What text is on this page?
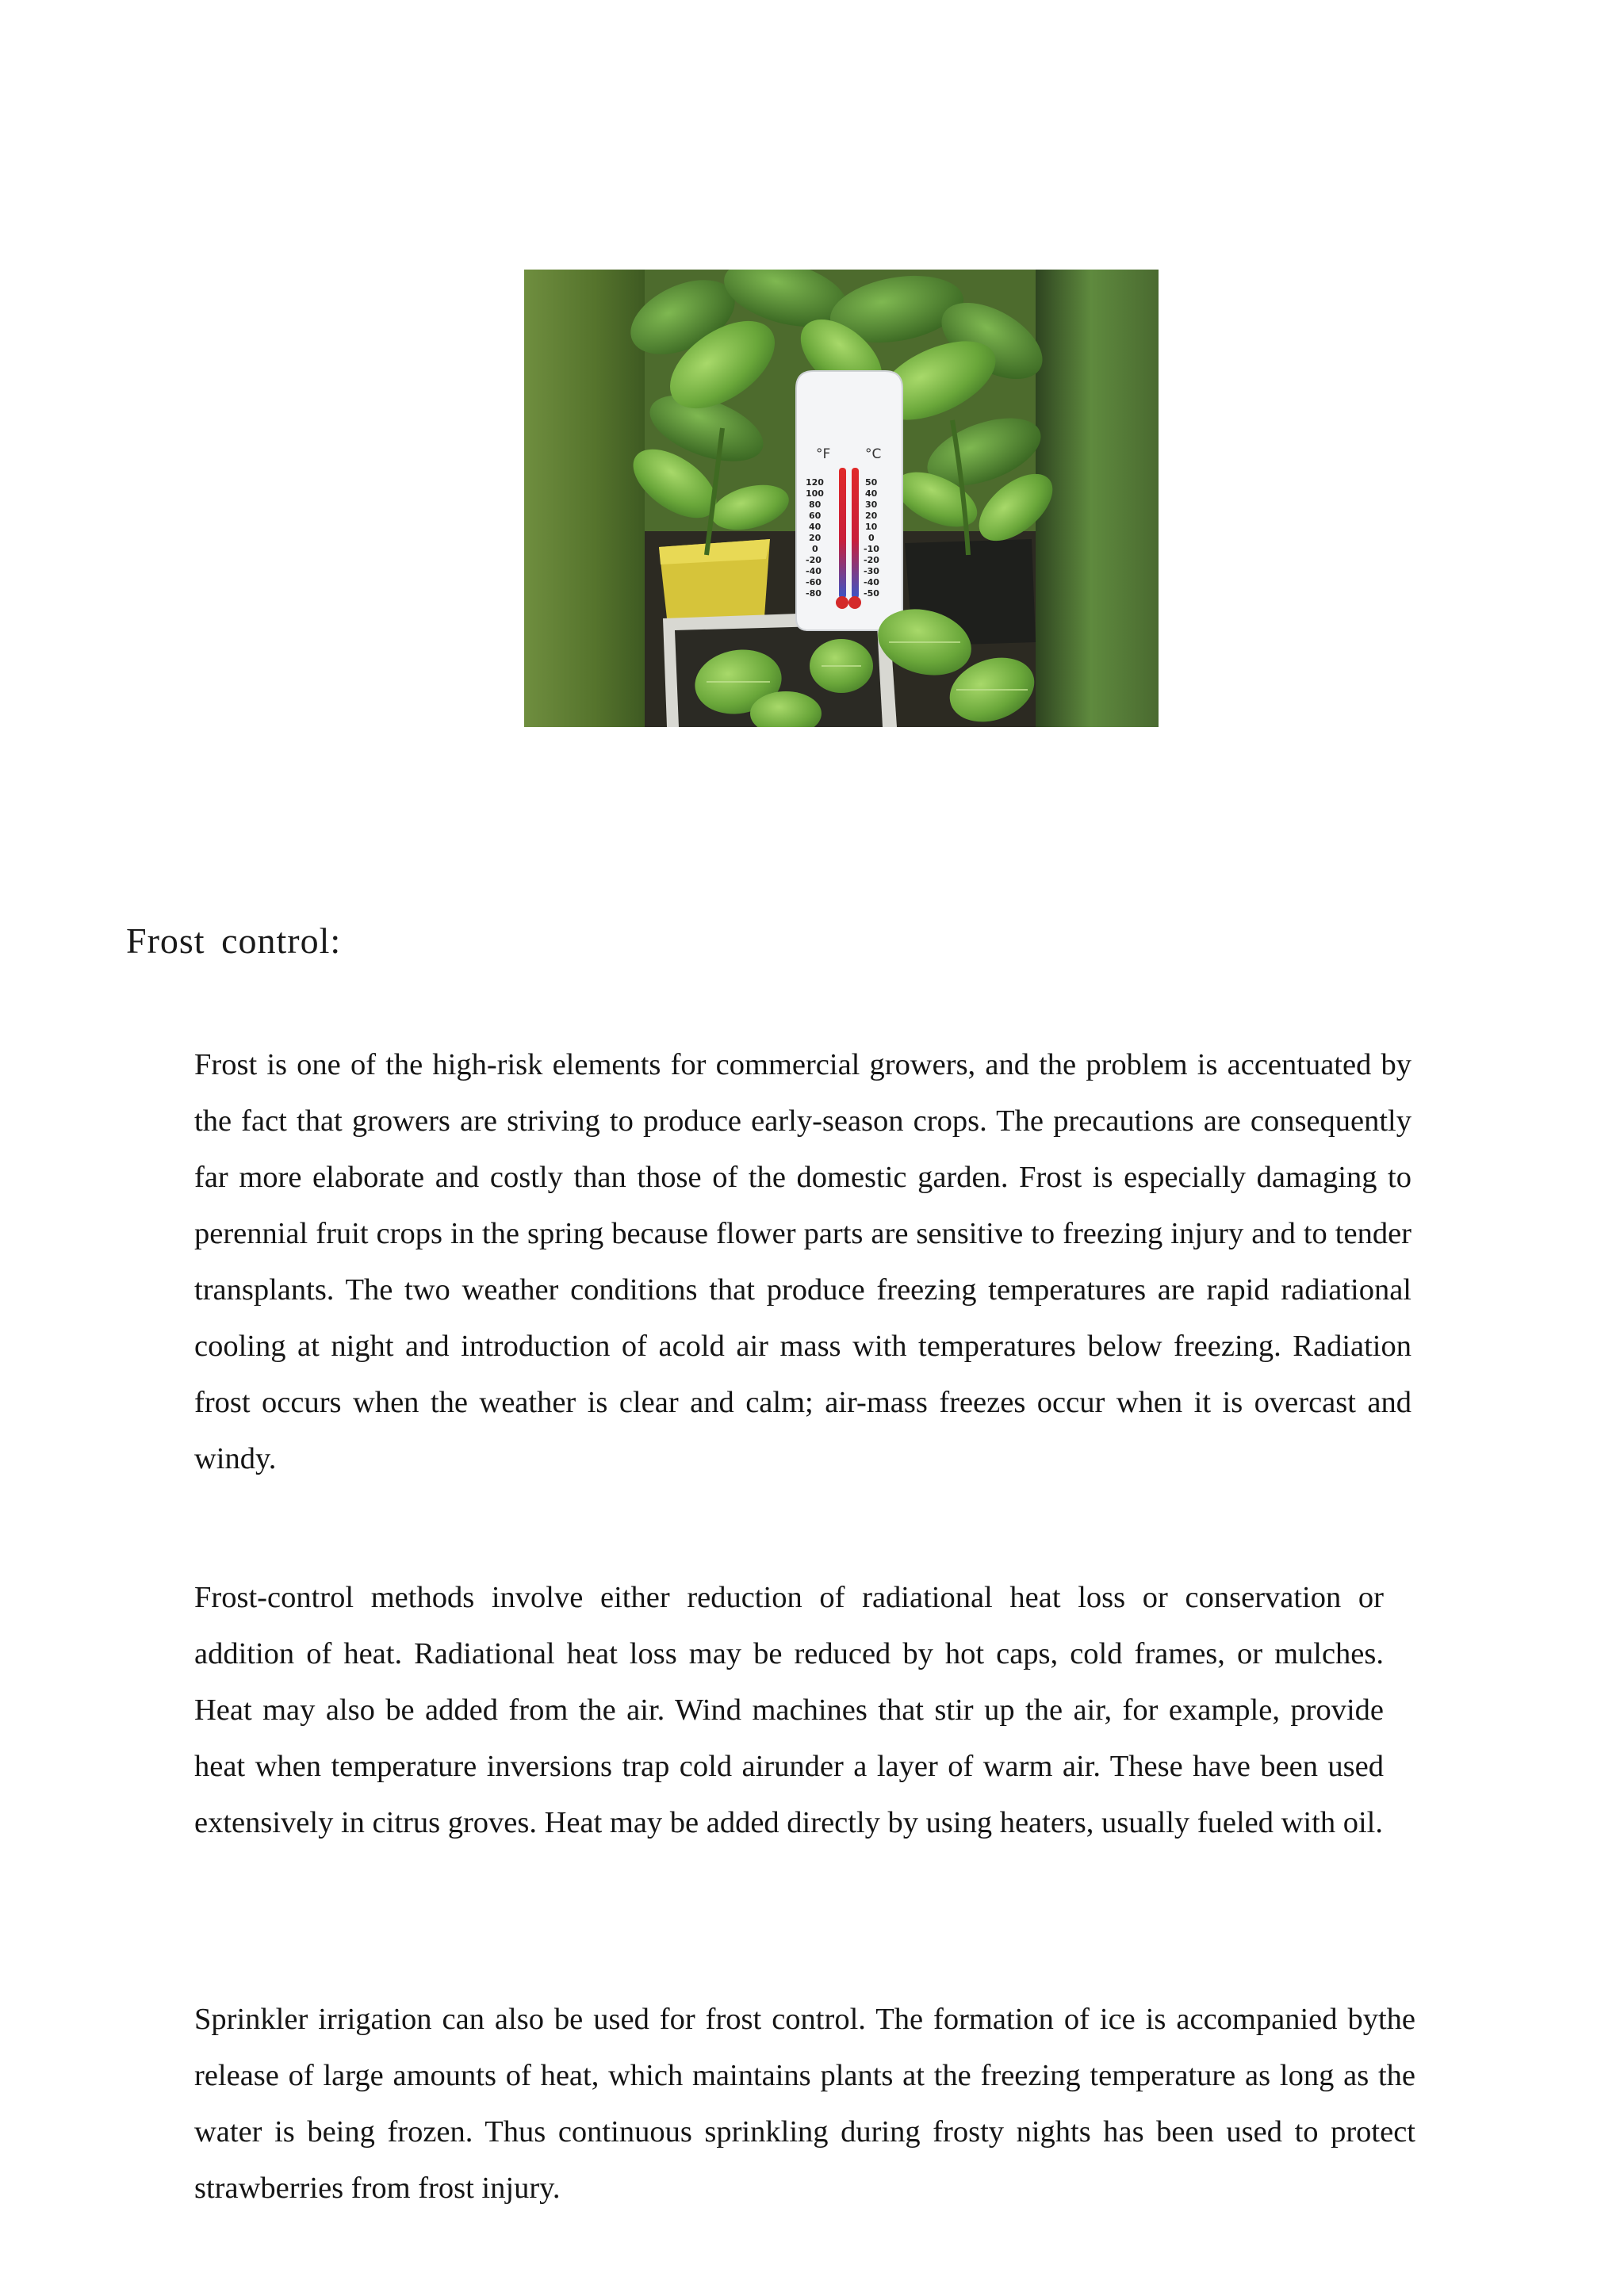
°F	°C
120
100
80
60
40
20
0
-20
-40
-60
-80
50
40
30
20
10
0
-10
-20
-30
-40
-50
Frost control:

Frost is one of the high-risk elements for commercial growers, and the problem is accentuated by the fact that growers are striving to produce early-season crops. The precautions are consequently far more elaborate and costly than those of the domestic garden. Frost is especially damaging to perennial fruit crops in the spring because flower parts are sensitive to freezing injury and to tender transplants. The two weather conditions that produce freezing temperatures are rapid radiational cooling at night and introduction of acold air mass with temperatures below freezing. Radiation frost occurs when the weather is clear and calm; air-mass freezes occur when it is overcast and windy.

Frost-control methods involve either reduction of radiational heat loss or conservation or addition of heat. Radiational heat loss may be reduced by hot caps, cold frames, or mulches. Heat may also be added from the air. Wind machines that stir up the air, for example, provide heat when temperature inversions trap cold airunder a layer of warm air. These have been used extensively in citrus groves. Heat may be added directly by using heaters, usually fueled with oil.

Sprinkler irrigation can also be used for frost control. The formation of ice is accompanied bythe release of large amounts of heat, which maintains plants at the freezing temperature as long as the water is being frozen. Thus continuous sprinkling during frosty nights has been used to protect strawberries from frost injury.
